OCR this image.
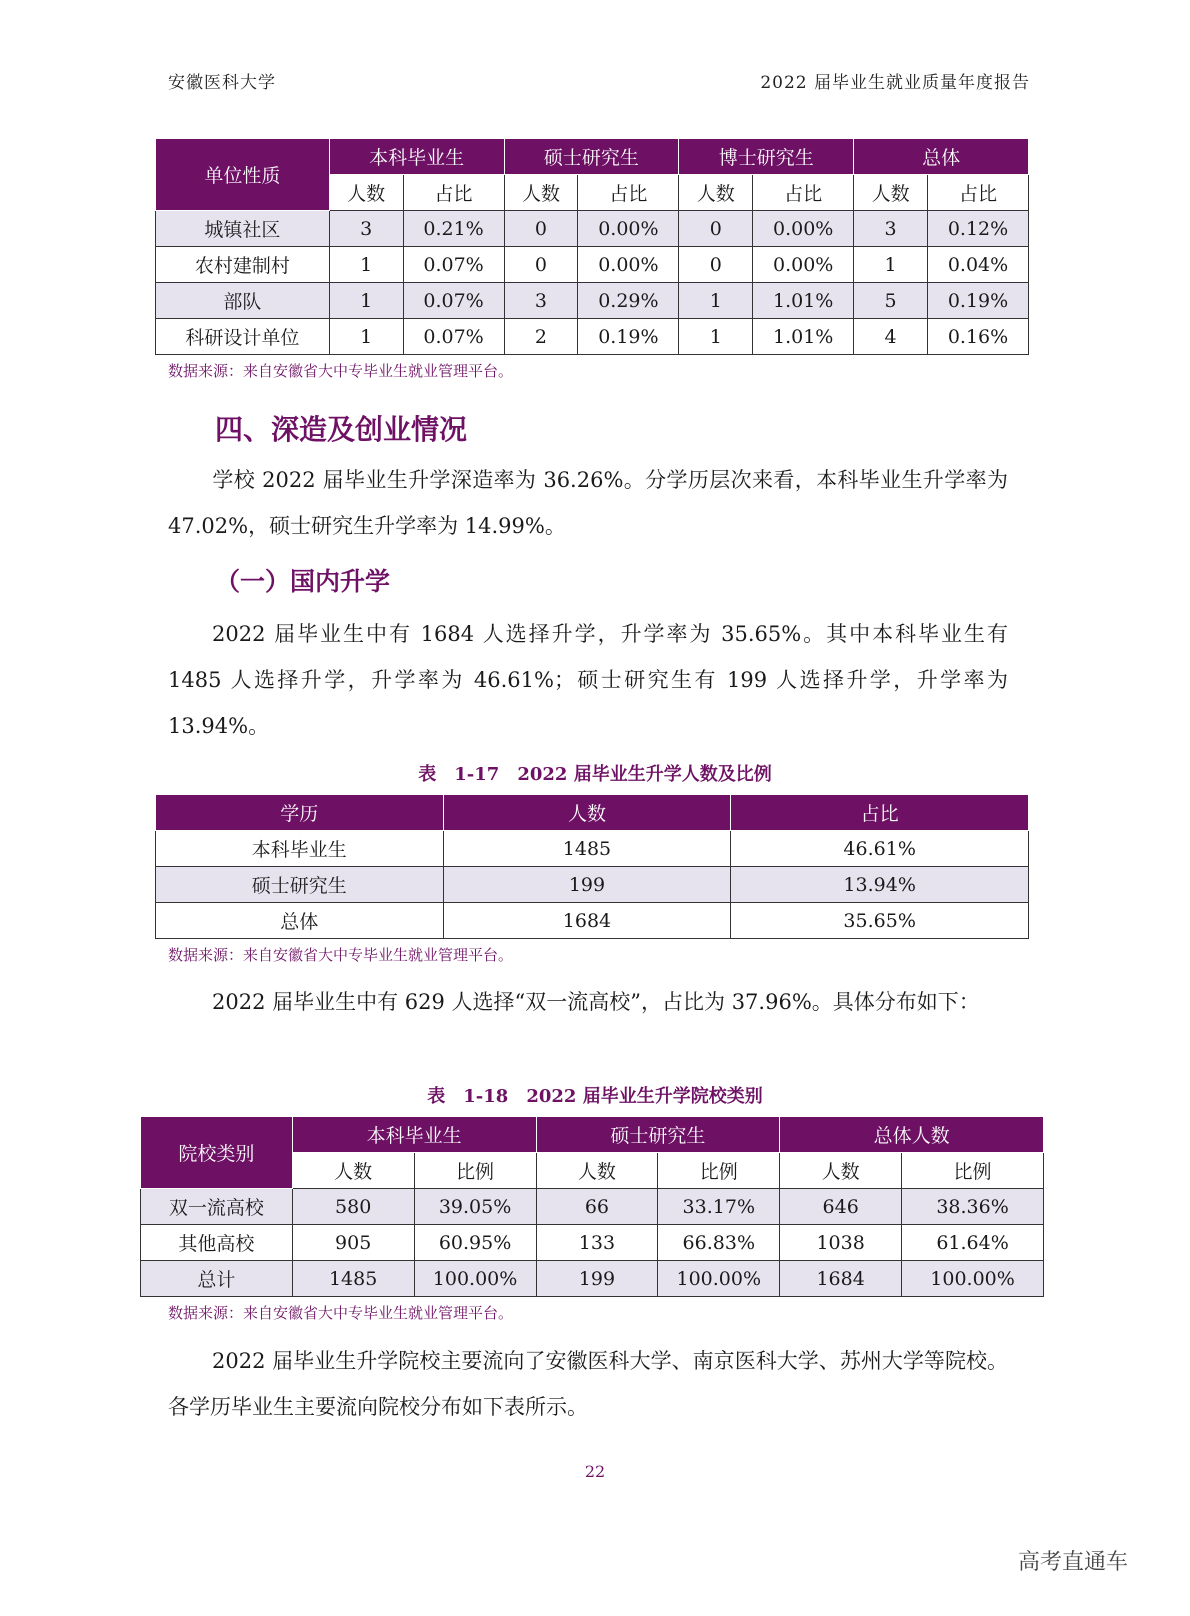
安徽医科大学	2022 届毕业生就业质量年度报告
单位性质	本科毕业生		硕士研究生		博士研究生		总体	
	人数	占比	人数	占比	人数	占比	人数	占比
城镇社区	3	0.21%	0	0.00%	0	0.00%	3	0.12%
农村建制村	1	0.07%	0	0.00%	0	0.00%	1	0.04%
部队	1	0.07%	3	0.29%	1	1.01%	5	0.19%
科研设计单位	1	0.07%	2	0.19%	1	1.01%	4	0.16%
数据来源：来自安徽省大中专毕业生就业管理平台。
四、深造及创业情况
学校 2022 届毕业生升学深造率为 36.26%。分学历层次来看，本科毕业生升学率为 47.02%，硕士研究生升学率为 14.99%。
（一）国内升学
2022 届毕业生中有 1684 人选择升学，升学率为 35.65%。其中本科毕业生有 1485 人选择升学，升学率为 46.61%；硕士研究生有 199 人选择升学，升学率为 13.94%。
表　1-17　2022 届毕业生升学人数及比例
学历	人数	占比
本科毕业生	1485	46.61%
硕士研究生	199	13.94%
总体	1684	35.65%
数据来源：来自安徽省大中专毕业生就业管理平台。
2022 届毕业生中有 629 人选择“双一流高校”，占比为 37.96%。具体分布如下：
表　1-18　2022 届毕业生升学院校类别
院校类别	本科毕业生		硕士研究生		总体人数	
	人数	比例	人数	比例	人数	比例
双一流高校	580	39.05%	66	33.17%	646	38.36%
其他高校	905	60.95%	133	66.83%	1038	61.64%
总计	1485	100.00%	199	100.00%	1684	100.00%
数据来源：来自安徽省大中专毕业生就业管理平台。
2022 届毕业生升学院校主要流向了安徽医科大学、南京医科大学、苏州大学等院校。各学历毕业生主要流向院校分布如下表所示。
22
高考直通车
